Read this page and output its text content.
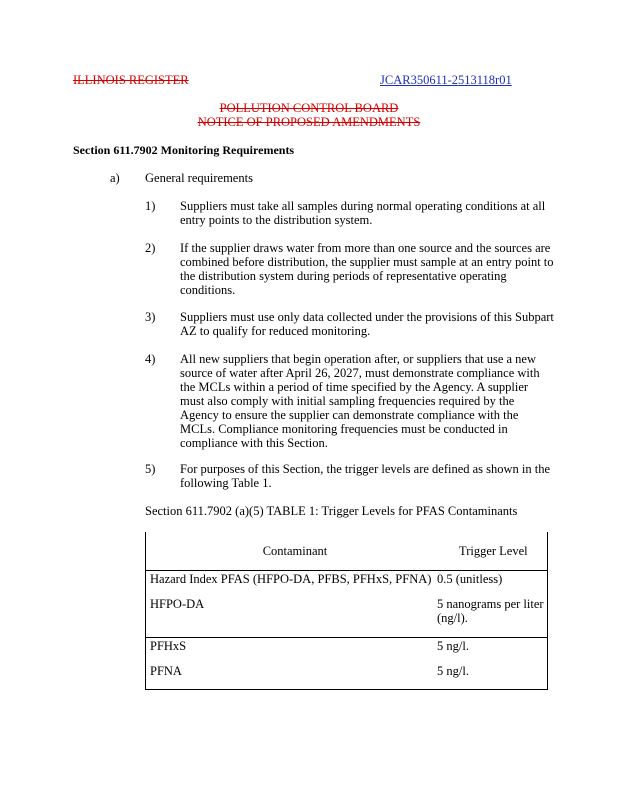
ILLINOIS REGISTER	JCAR350611-2513118r01
POLLUTION CONTROL BOARD
NOTICE OF PROPOSED AMENDMENTS
Section 611.7902 Monitoring Requirements
a) General requirements
1) Suppliers must take all samples during normal operating conditions at all
entry points to the distribution system.
2) If the supplier draws water from more than one source and the sources are
combined before distribution, the supplier must sample at an entry point to
the distribution system during periods of representative operating
conditions.
3) Suppliers must use only data collected under the provisions of this Subpart
AZ to qualify for reduced monitoring.
4) All new suppliers that begin operation after, or suppliers that use a new
source of water after April 26, 2027, must demonstrate compliance with
the MCLs within a period of time specified by the Agency. A supplier
must also comply with initial sampling frequencies required by the
Agency to ensure the supplier can demonstrate compliance with the
MCLs. Compliance monitoring frequencies must be conducted in
compliance with this Section.
5) For purposes of this Section, the trigger levels are defined as shown in the
following Table 1.
Section 611.7902 (a)(5) TABLE 1: Trigger Levels for PFAS Contaminants
Contaminant	Trigger Level
Hazard Index PFAS (HFPO-DA, PFBS, PFHxS, PFNA) 0.5 (unitless)
HFPO-DA	5 nanograms per liter (ng/l).
PFHxS	5 ng/l.
PFNA	5 ng/l.
